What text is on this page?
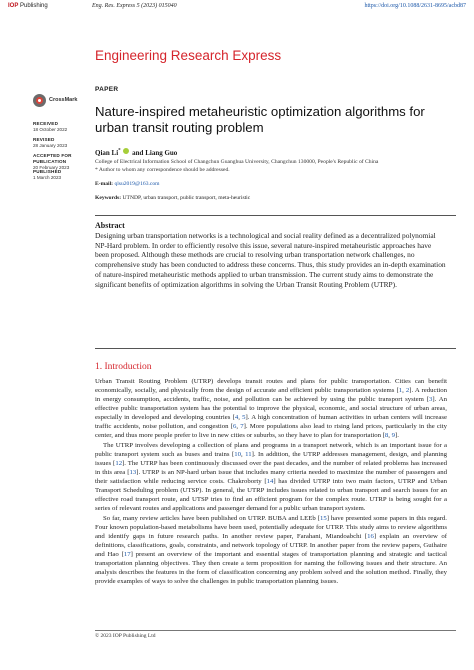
IOP Publishing	Eng. Res. Express 5 (2023) 015040	https://doi.org/10.1088/2631-8695/acbd87
Engineering Research Express
PAPER
CrossMark
RECEIVED
18 October 2022
REVISED
28 January 2023
ACCEPTED FOR PUBLICATION
20 February 2023
PUBLISHED
1 March 2023
Nature-inspired metaheuristic optimization algorithms for urban transit routing problem
Qian Li*  and Liang Guo
College of Electrical Information School of Changchun Guanghua University, Changchun 130000, People's Republic of China
* Author to whom any correspondence should be addressed.
E-mail: qlsu2019@163.com
Keywords: UTNDP, urban transport, public transport, meta-heuristic
Abstract
Designing urban transportation networks is a technological and social reality defined as a decentralized polynomial NP-Hard problem. In order to efficiently resolve this issue, several nature-inspired metaheuristic approaches have been proposed. Although these methods are crucial to resolving urban transportation network challenges, no comprehensive study has been conducted to address these concerns. Thus, this study provides an in-depth examination of nature-inspired metaheuristic methods applied to urban transmission. The current study aims to demonstrate the significant benefits of optimization algorithms in solving the Urban Transit Routing Problem (UTRP).
1. Introduction

Urban Transit Routing Problem (UTRP) develops transit routes and plans for public transportation. Cities can benefit economically, socially, and physically from the design of accurate and efficient public transportation systems [1, 2]. A reduction in energy consumption, accidents, traffic, noise, and pollution can be achieved by using the public transport system [3]. An effective public transportation system has the potential to improve the physical, economic, and social structure of urban areas, especially in developed and developing countries [4, 5]. A high concentration of human activities in urban centers will increase traffic accidents, noise pollution, and congestion [6, 7]. More populations also lead to rising land prices, particularly in the city center, and thus more people prefer to live in new cities or suburbs, so they have to plan for transportation [8, 9].

The UTRP involves developing a collection of plans and programs in a transport network, which is an important issue for a public transport system such as buses and trains [10, 11]. In addition, the UTRP addresses management, design, and planning issues [12]. The UTRP has been continuously discussed over the past decades, and the number of related problems has increased in this area [13]. UTRP is an NP-hard urban issue that includes many criteria needed to maximize the number of passengers and their satisfaction while reducing service costs. Chakroborty [14] has divided UTRP into two main factors, UTRP and Urban Transport Scheduling problem (UTSP). In general, the UTRP includes issues related to urban transport and search issues for an effective road transport route, and UTSP tries to find an efficient program for the complex route. UTRP is being sought for a series of relevant routes and applications and passenger demand for a public urban transport system.

So far, many review articles have been published on UTRP. BUBA and LEEb [15] have presented some papers in this regard. Four known population-based metabolisms have been used, potentially adequate for UTRP. This study aims to review algorithms and identify gaps in future research paths. In another review paper, Farahani, Miandoabchi [16] explain an overview of definitions, classifications, goals, constraints, and network topology of UTRP. In another paper from the review papers, Guihaire and Hao [17] present an overview of the important and essential stages of transportation planning and strategic and tactical transportation planning objectives. They then create a term proposition for naming the following issues and their structure. An analysis describes the features in the form of classification concerning any problem solved and the solution method. Finally, they provide examples of ways to solve the challenges in public transportation planning issues.

© 2023 IOP Publishing Ltd
